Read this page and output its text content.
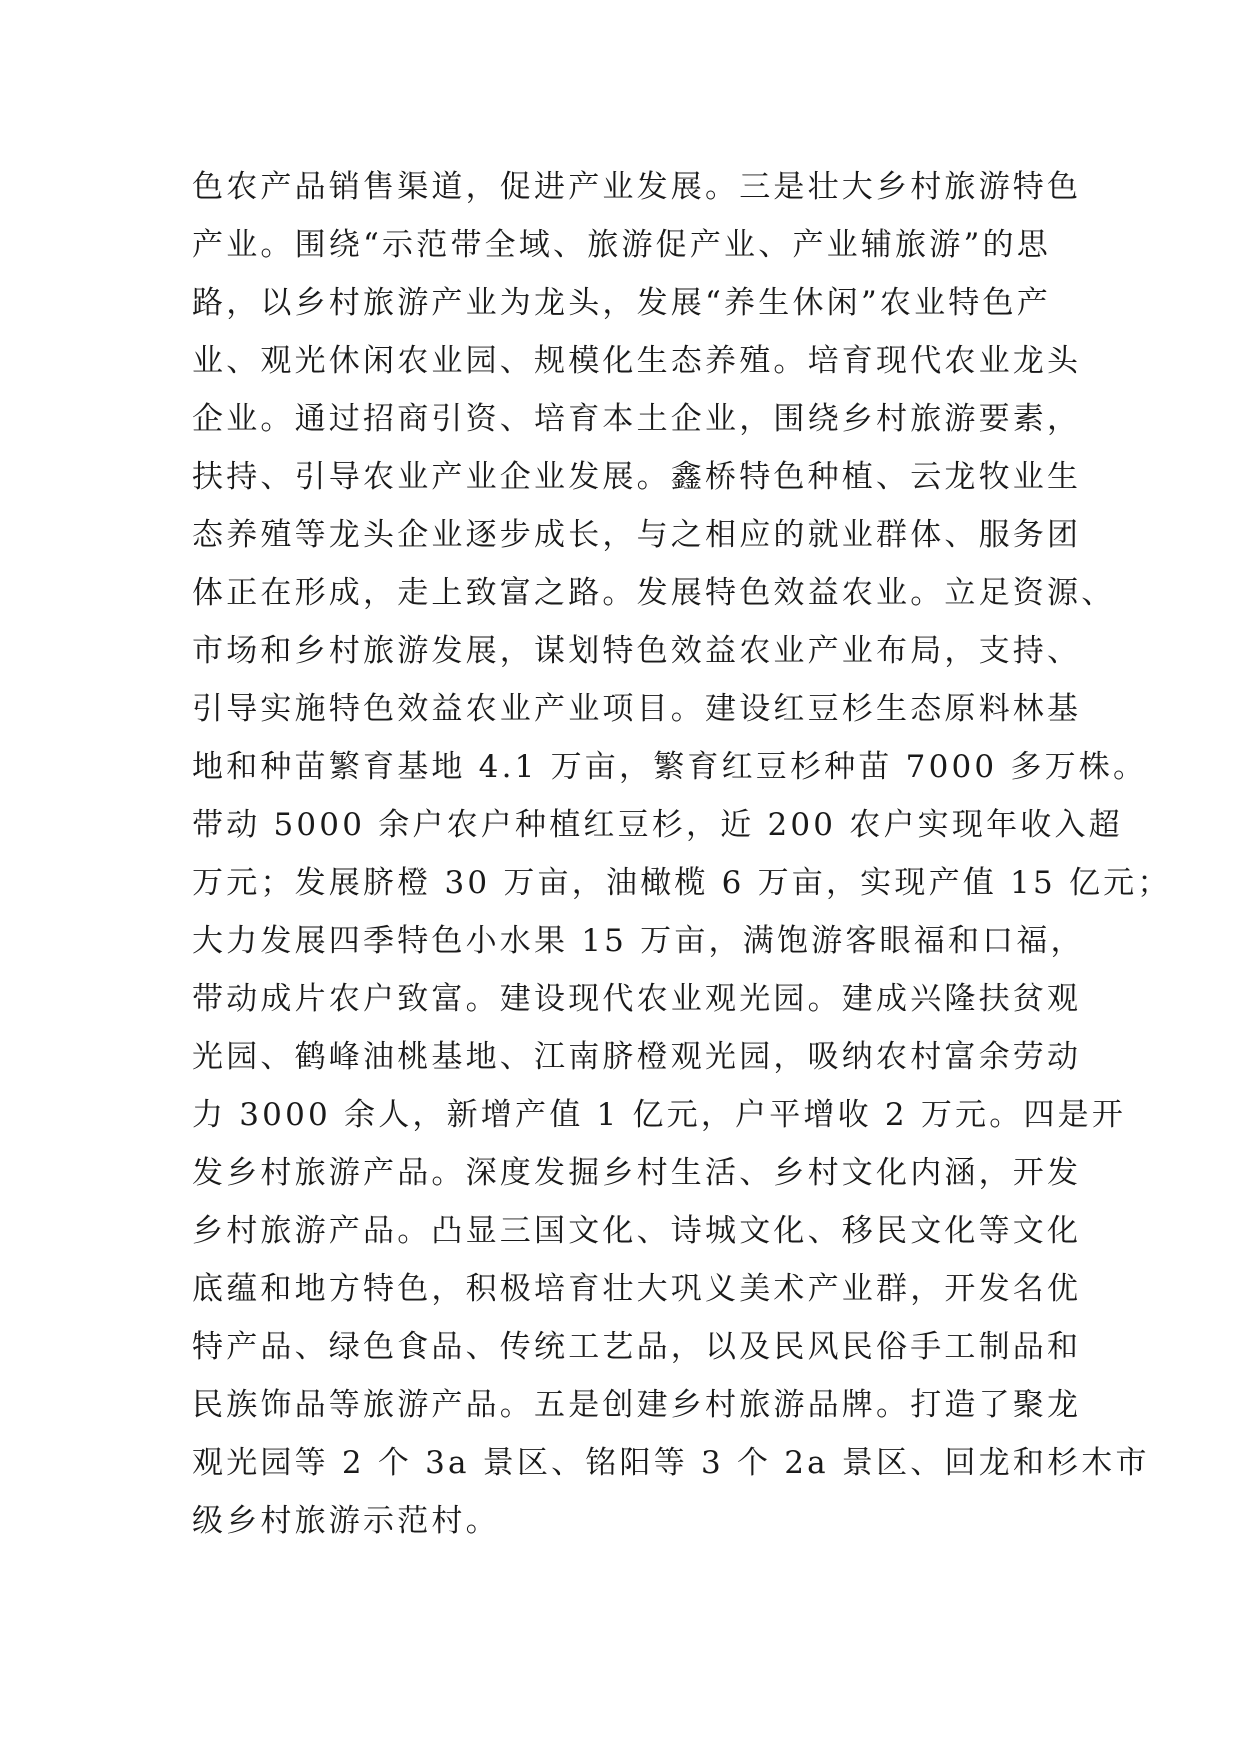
色农产品销售渠道，促进产业发展。三是壮大乡村旅游特色
产业。围绕“示范带全域、旅游促产业、产业辅旅游”的思
路，以乡村旅游产业为龙头，发展“养生休闲”农业特色产
业、观光休闲农业园、规模化生态养殖。培育现代农业龙头
企业。通过招商引资、培育本土企业，围绕乡村旅游要素，
扶持、引导农业产业企业发展。鑫桥特色种植、云龙牧业生
态养殖等龙头企业逐步成长，与之相应的就业群体、服务团
体正在形成，走上致富之路。发展特色效益农业。立足资源、
市场和乡村旅游发展，谋划特色效益农业产业布局，支持、
引导实施特色效益农业产业项目。建设红豆杉生态原料林基
地和种苗繁育基地 4.1 万亩，繁育红豆杉种苗 7000 多万株。
带动 5000 余户农户种植红豆杉，近 200 农户实现年收入超
万元；发展脐橙 30 万亩，油橄榄 6 万亩，实现产值 15 亿元；
大力发展四季特色小水果 15 万亩，满饱游客眼福和口福，
带动成片农户致富。建设现代农业观光园。建成兴隆扶贫观
光园、鹤峰油桃基地、江南脐橙观光园，吸纳农村富余劳动
力 3000 余人，新增产值 1 亿元，户平增收 2 万元。四是开
发乡村旅游产品。深度发掘乡村生活、乡村文化内涵，开发
乡村旅游产品。凸显三国文化、诗城文化、移民文化等文化
底蕴和地方特色，积极培育壮大巩义美术产业群，开发名优
特产品、绿色食品、传统工艺品，以及民风民俗手工制品和
民族饰品等旅游产品。五是创建乡村旅游品牌。打造了聚龙
观光园等 2 个 3a 景区、铭阳等 3 个 2a 景区、回龙和杉木市
级乡村旅游示范村。
